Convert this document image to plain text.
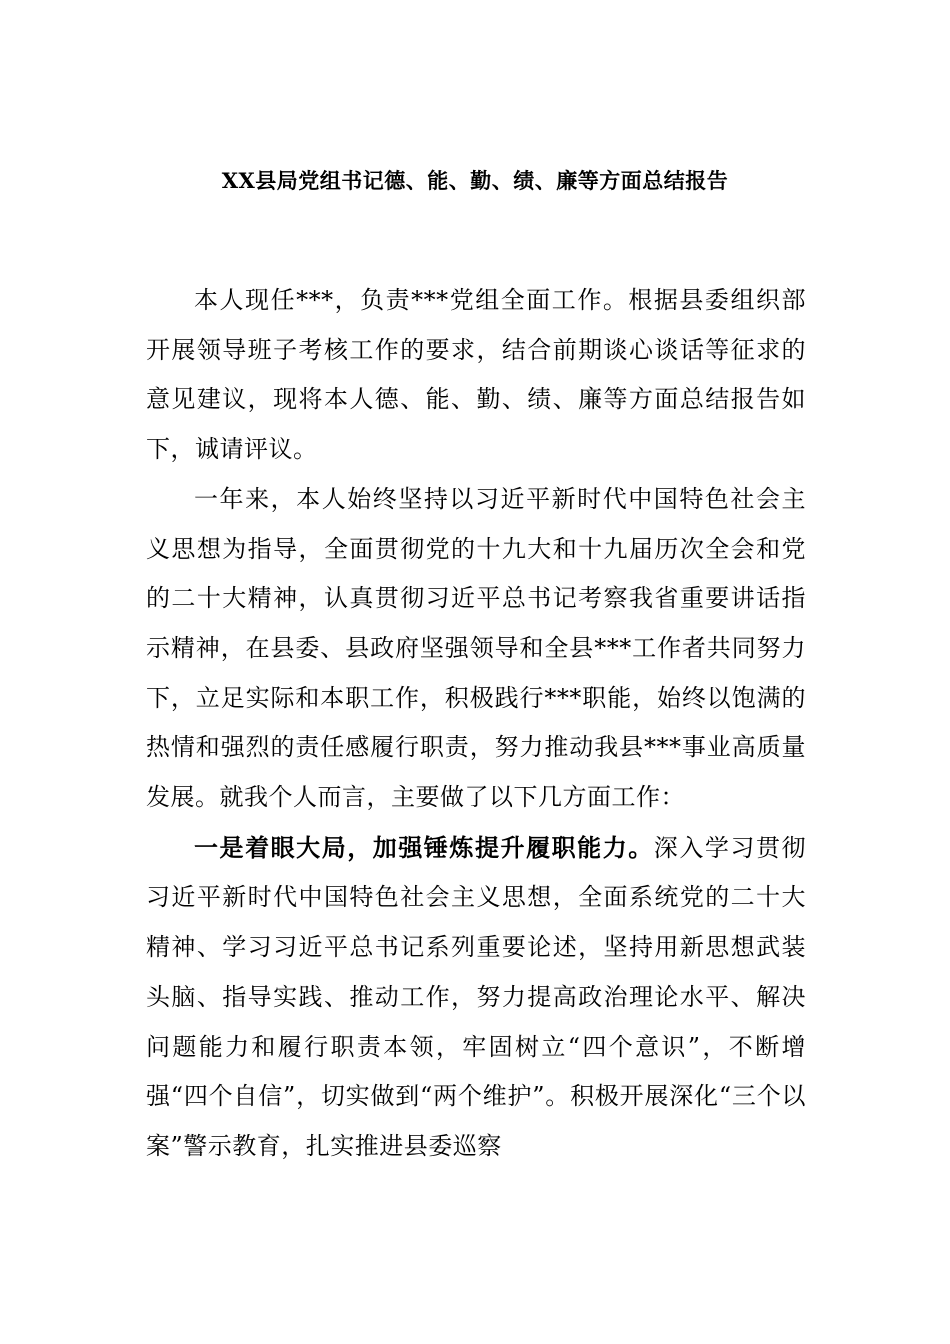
XX县局党组书记德、能、勤、绩、廉等方面总结报告

本人现任***，负责***党组全面工作。根据县委组织部开展领导班子考核工作的要求，结合前期谈心谈话等征求的意见建议，现将本人德、能、勤、绩、廉等方面总结报告如下，诚请评议。

一年来，本人始终坚持以习近平新时代中国特色社会主义思想为指导，全面贯彻党的十九大和十九届历次全会和党的二十大精神，认真贯彻习近平总书记考察我省重要讲话指示精神，在县委、县政府坚强领导和全县***工作者共同努力下，立足实际和本职工作，积极践行***职能，始终以饱满的热情和强烈的责任感履行职责，努力推动我县***事业高质量发展。就我个人而言，主要做了以下几方面工作：

一是着眼大局，加强锤炼提升履职能力。深入学习贯彻习近平新时代中国特色社会主义思想，全面系统党的二十大精神、学习习近平总书记系列重要论述，坚持用新思想武装头脑、指导实践、推动工作，努力提高政治理论水平、解决问题能力和履行职责本领，牢固树立“四个意识”，不断增强“四个自信”，切实做到“两个维护”。积极开展深化“三个以案”警示教育，扎实推进县委巡察
